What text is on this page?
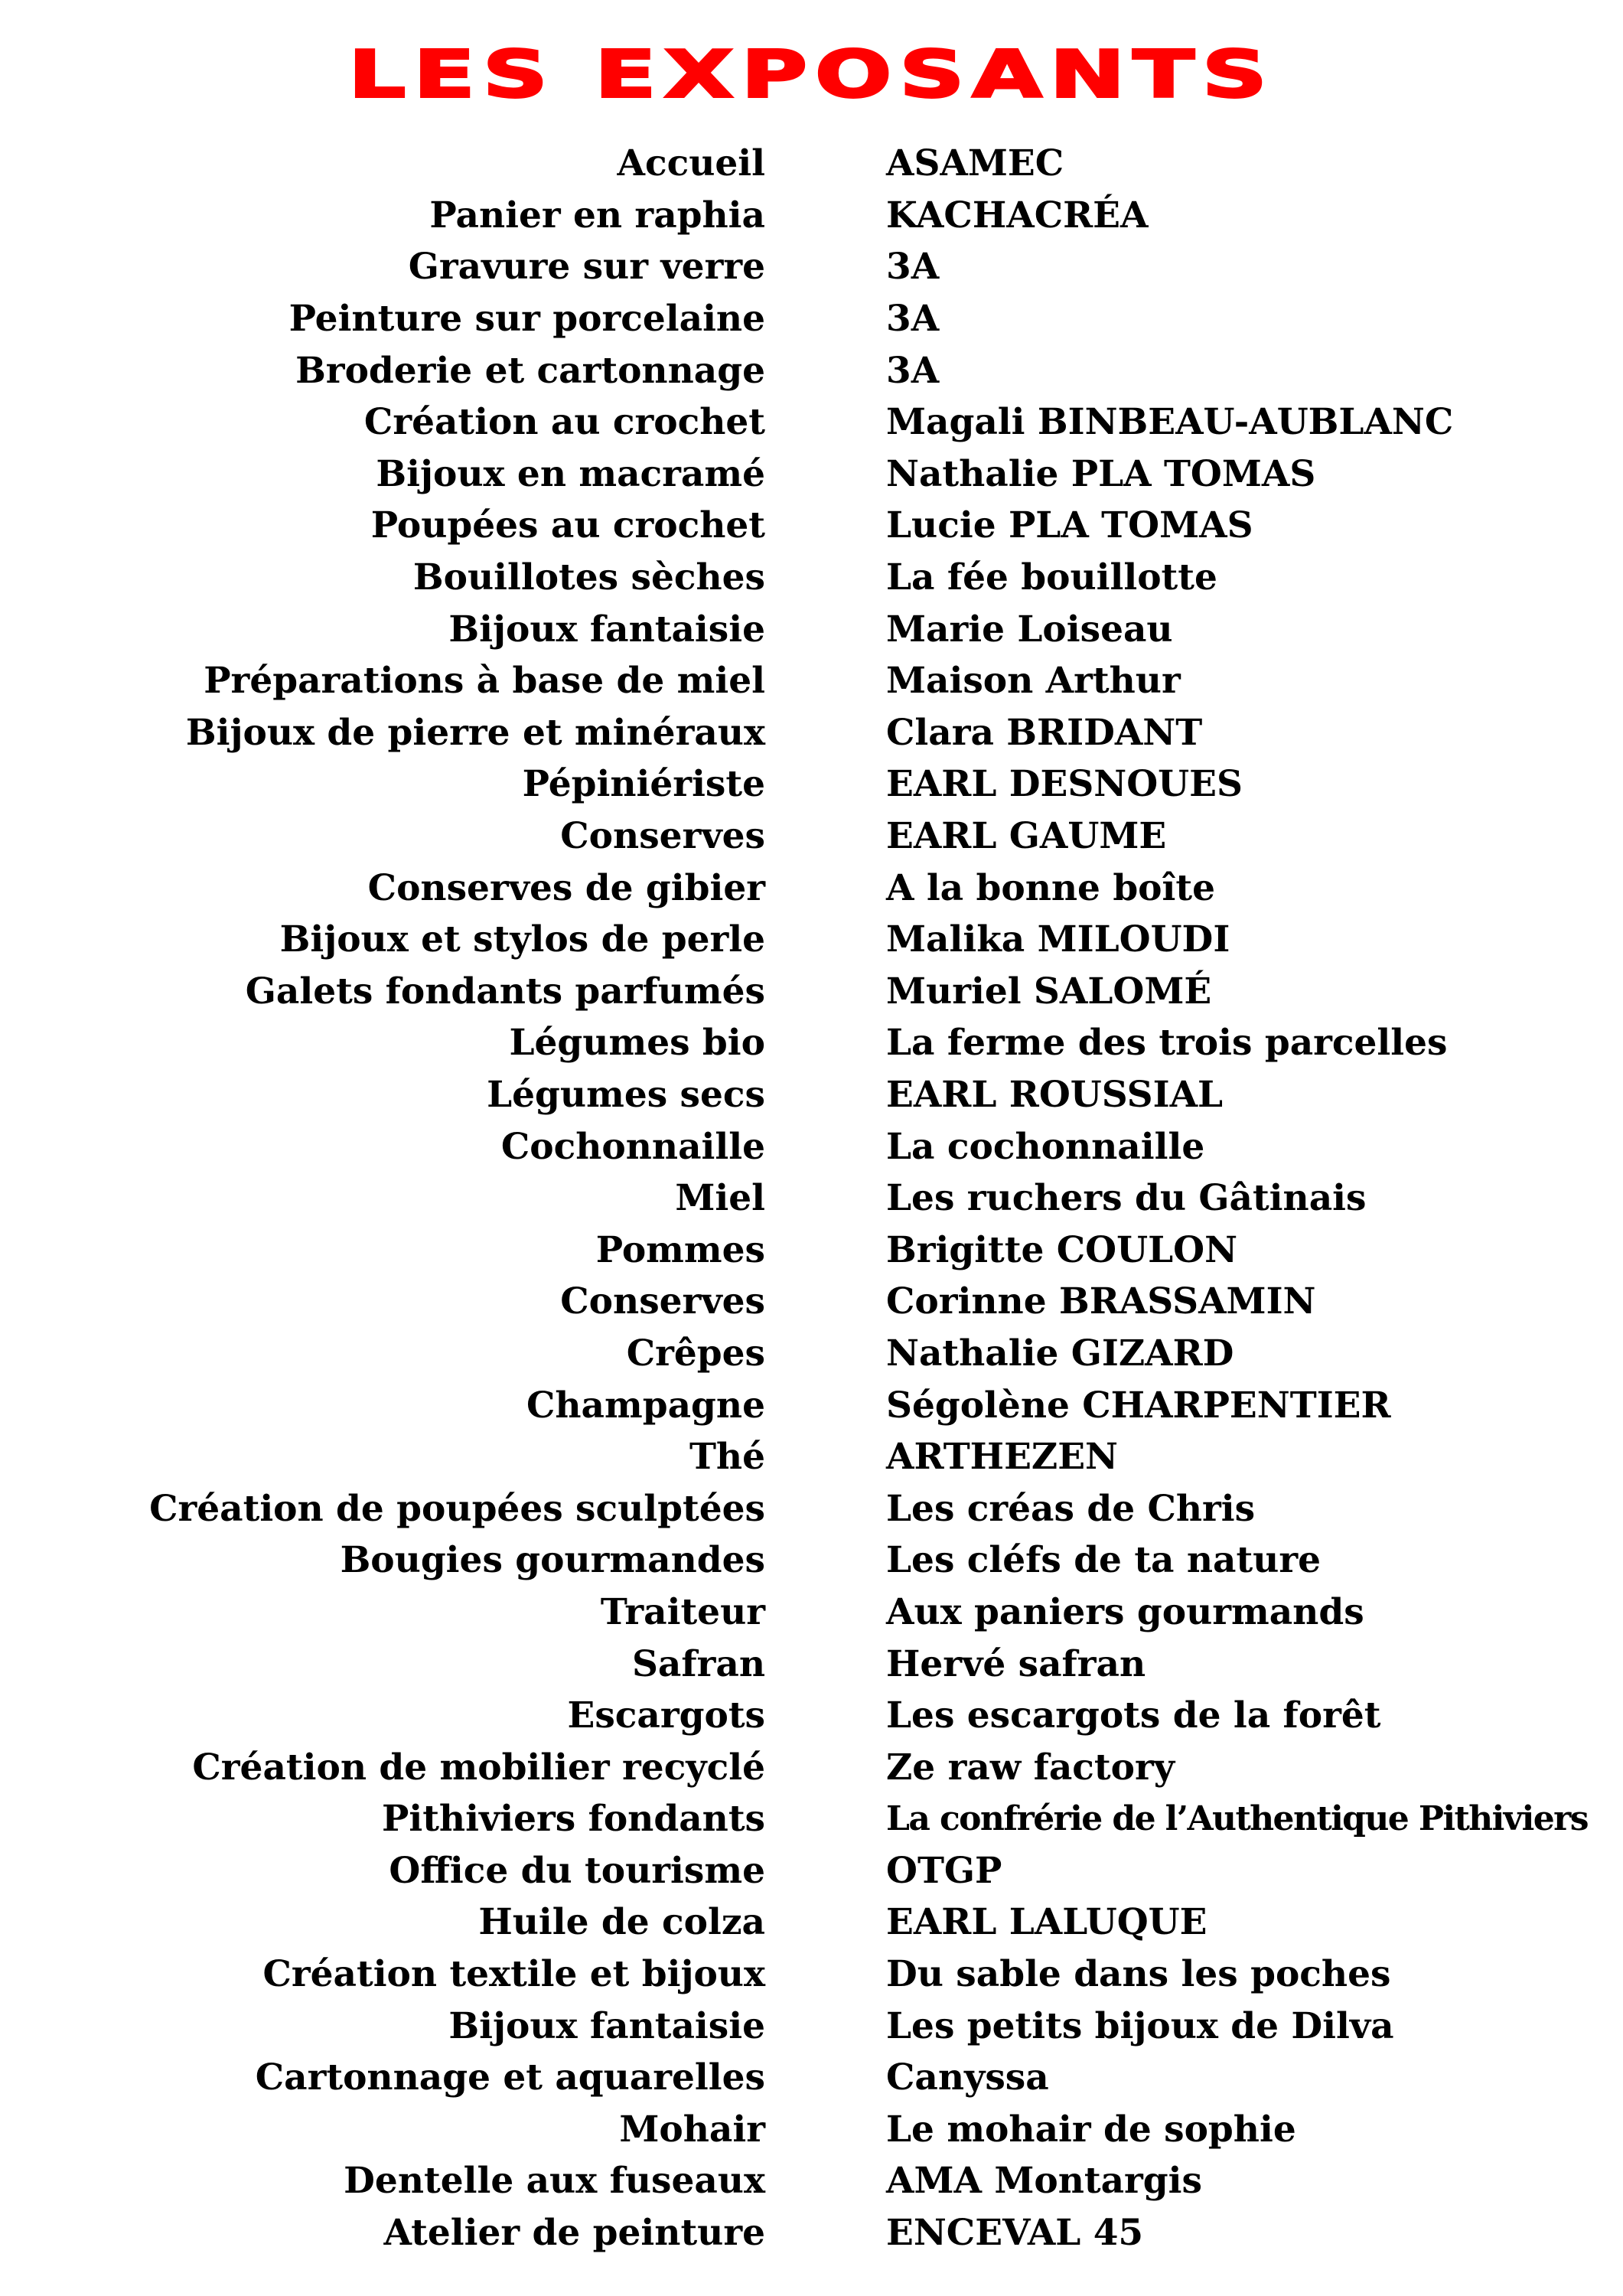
LES EXPOSANTS
Accueil	ASAMEC
Panier en raphia	KACHACRÉA
Gravure sur verre	3A
Peinture sur porcelaine	3A
Broderie et cartonnage	3A
Création au crochet	Magali BINBEAU-AUBLANC
Bijoux en macramé	Nathalie PLA TOMAS
Poupées au crochet	Lucie PLA TOMAS
Bouillotes sèches	La fée bouillotte
Bijoux fantaisie	Marie Loiseau
Préparations à base de miel	Maison Arthur
Bijoux de pierre et minéraux	Clara BRIDANT
Pépiniériste	EARL DESNOUES
Conserves	EARL GAUME
Conserves de gibier	A la bonne boîte
Bijoux et stylos de perle	Malika MILOUDI
Galets fondants parfumés	Muriel SALOMÉ
Légumes bio	La ferme des trois parcelles
Légumes secs	EARL ROUSSIAL
Cochonnaille	La cochonnaille
Miel	Les ruchers du Gâtinais
Pommes	Brigitte COULON
Conserves	Corinne BRASSAMIN
Crêpes	Nathalie GIZARD
Champagne	Ségolène CHARPENTIER
Thé	ARTHEZEN
Création de poupées sculptées	Les créas de Chris
Bougies gourmandes	Les cléfs de ta nature
Traiteur	Aux paniers gourmands
Safran	Hervé safran
Escargots	Les escargots de la forêt
Création de mobilier recyclé	Ze raw factory
Pithiviers fondants	La confrérie de l’Authentique Pithiviers
Office du tourisme	OTGP
Huile de colza	EARL LALUQUE
Création textile et bijoux	Du sable dans les poches
Bijoux fantaisie	Les petits bijoux de Dilva
Cartonnage et aquarelles	Canyssa
Mohair	Le mohair de sophie
Dentelle aux fuseaux	AMA Montargis
Atelier de peinture	ENCEVAL 45
